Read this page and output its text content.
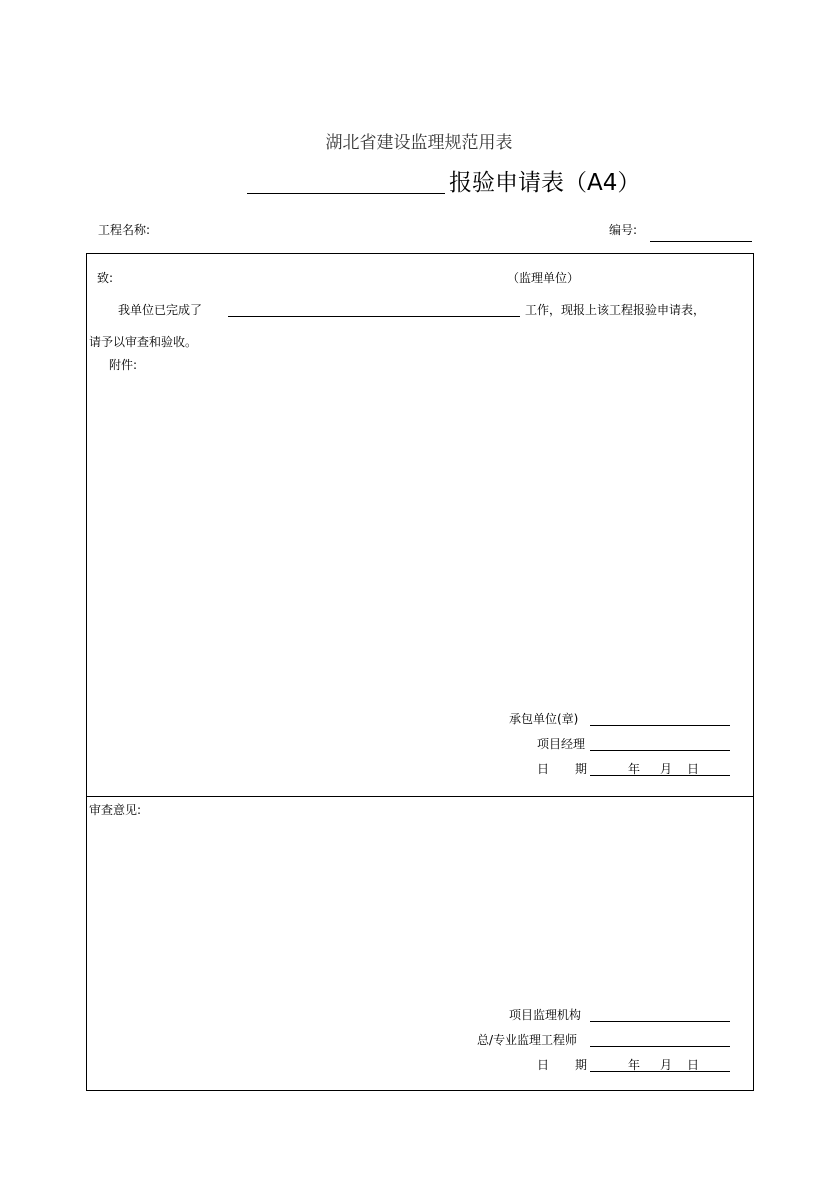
湖北省建设监理规范用表
报验申请表（A4）
工程名称:	编号:
致:	（监理单位）
我单位已完成了	工作，现报上该工程报验申请表，
请予以审查和验收。
附件:
承包单位(章)
项目经理
日 期	年 月 日
审查意见:
项目监理机构
总/专业监理工程师
日 期	年 月 日
